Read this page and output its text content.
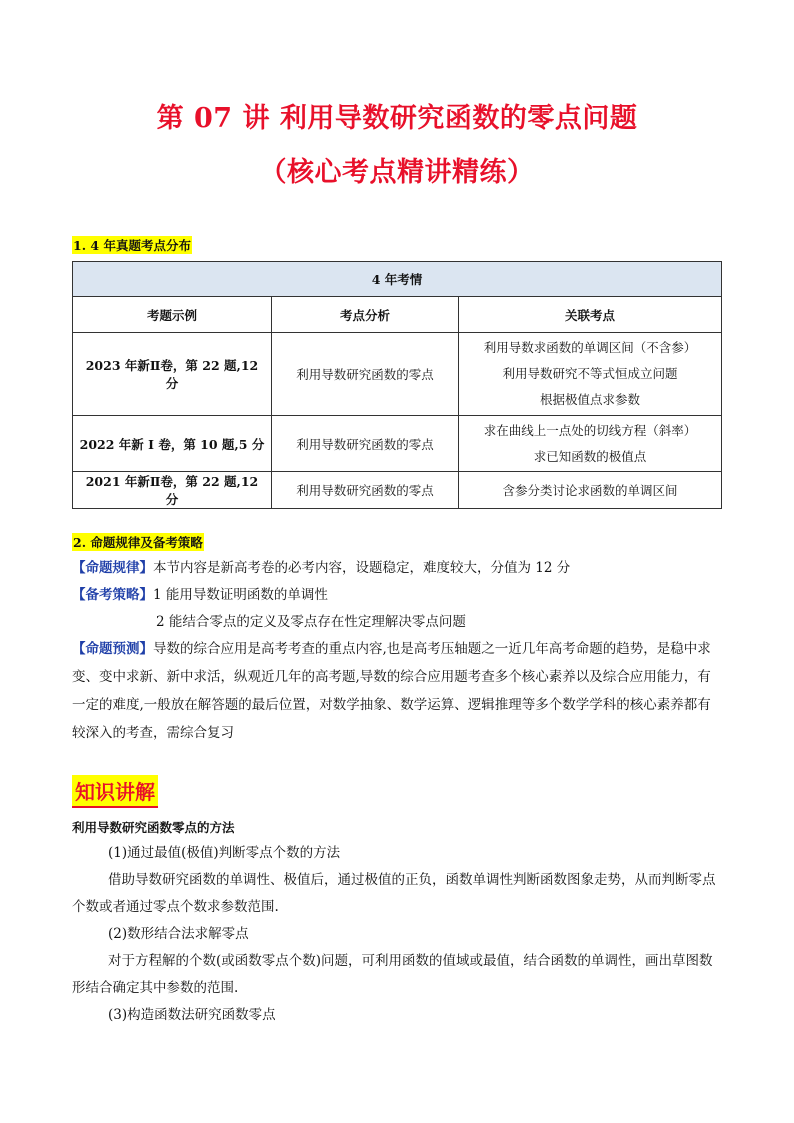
第 07 讲 利用导数研究函数的零点问题
（核心考点精讲精练）
1. 4 年真题考点分布
4 年考情		
考题示例	考点分析	关联考点
2023 年新Ⅱ卷，第 22 题,12 分	利用导数研究函数的零点	利用导数求函数的单调区间（不含参）
利用导数研究不等式恒成立问题
根据极值点求参数

2022 年新 I 卷，第 10 题,5 分	利用导数研究函数的零点	求在曲线上一点处的切线方程（斜率）
求已知函数的极值点

2021 年新Ⅱ卷，第 22 题,12 分	利用导数研究函数的零点	含参分类讨论求函数的单调区间
2. 命题规律及备考策略
【命题规律】本节内容是新高考卷的必考内容，设题稳定，难度较大，分值为 12 分
【备考策略】1 能用导数证明函数的单调性
2 能结合零点的定义及零点存在性定理解决零点问题
【命题预测】导数的综合应用是高考考查的重点内容,也是高考压轴题之一近几年高考命题的趋势，是稳中求变、变中求新、新中求活，纵观近几年的高考题,导数的综合应用题考查多个核心素养以及综合应用能力，有一定的难度,一般放在解答题的最后位置，对数学抽象、数学运算、逻辑推理等多个数学学科的核心素养都有较深入的考查，需综合复习
知识讲解
利用导数研究函数零点的方法
(1)通过最值(极值)判断零点个数的方法
借助导数研究函数的单调性、极值后，通过极值的正负，函数单调性判断函数图象走势，从而判断零点个数或者通过零点个数求参数范围.
(2)数形结合法求解零点
对于方程解的个数(或函数零点个数)问题，可利用函数的值域或最值，结合函数的单调性，画出草图数形结合确定其中参数的范围.
(3)构造函数法研究函数零点
